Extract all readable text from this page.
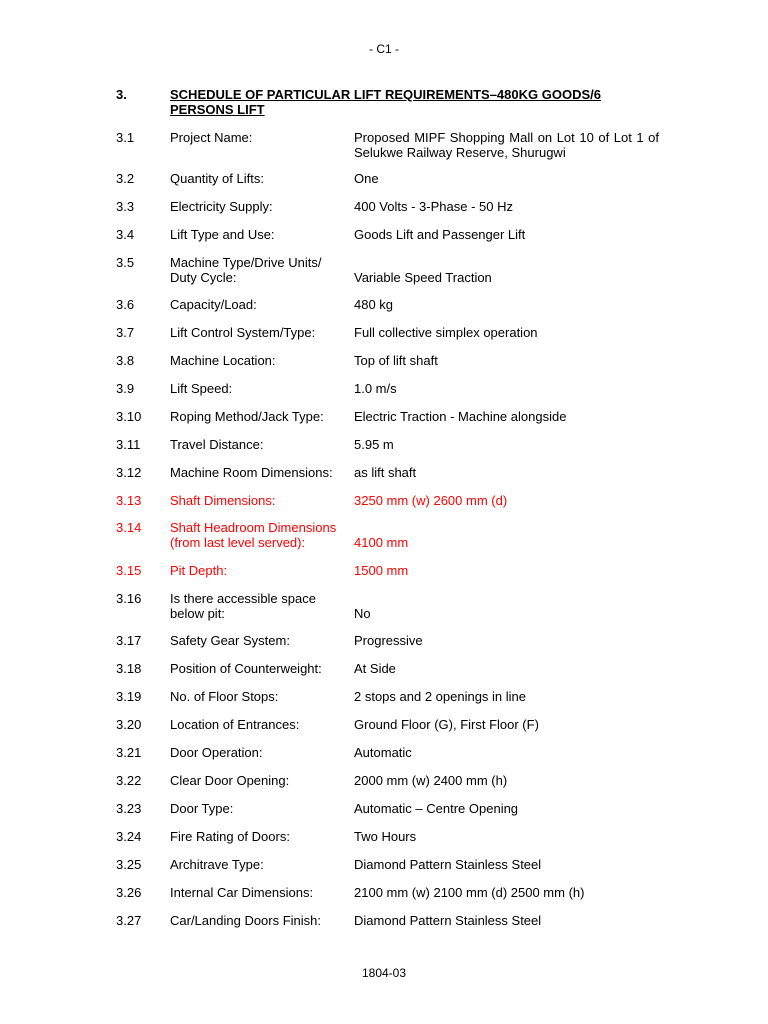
- C1 -
3.	SCHEDULE OF PARTICULAR LIFT REQUIREMENTS–480KG GOODS/6 PERSONS LIFT
3.1	Project Name:	Proposed MIPF Shopping Mall on Lot 10 of Lot 1 of Selukwe Railway Reserve, Shurugwi
3.2	Quantity of Lifts:	One
3.3	Electricity Supply:	400 Volts - 3-Phase - 50 Hz
3.4	Lift Type and Use:	Goods Lift and Passenger Lift
3.5	Machine Type/Drive Units/ Duty Cycle:	Variable Speed Traction
3.6	Capacity/Load:	480 kg
3.7	Lift Control System/Type:	Full collective simplex operation
3.8	Machine Location:	Top of lift shaft
3.9	Lift Speed:	1.0 m/s
3.10	Roping Method/Jack Type:	Electric Traction - Machine alongside
3.11	Travel Distance:	5.95 m
3.12	Machine Room Dimensions:	as lift shaft
3.13	Shaft Dimensions:	3250 mm (w) 2600 mm (d)
3.14	Shaft Headroom Dimensions (from last level served):	4100 mm
3.15	Pit Depth:	1500 mm
3.16	Is there accessible space below pit:	No
3.17	Safety Gear System:	Progressive
3.18	Position of Counterweight:	At Side
3.19	No. of Floor Stops:	2 stops and 2 openings in line
3.20	Location of Entrances:	Ground Floor (G), First Floor (F)
3.21	Door Operation:	Automatic
3.22	Clear Door Opening:	2000 mm (w) 2400 mm (h)
3.23	Door Type:	Automatic – Centre Opening
3.24	Fire Rating of Doors:	Two Hours
3.25	Architrave Type:	Diamond Pattern Stainless Steel
3.26	Internal Car Dimensions:	2100 mm (w) 2100 mm (d) 2500 mm (h)
3.27	Car/Landing Doors Finish:	Diamond Pattern Stainless Steel
1804-03
